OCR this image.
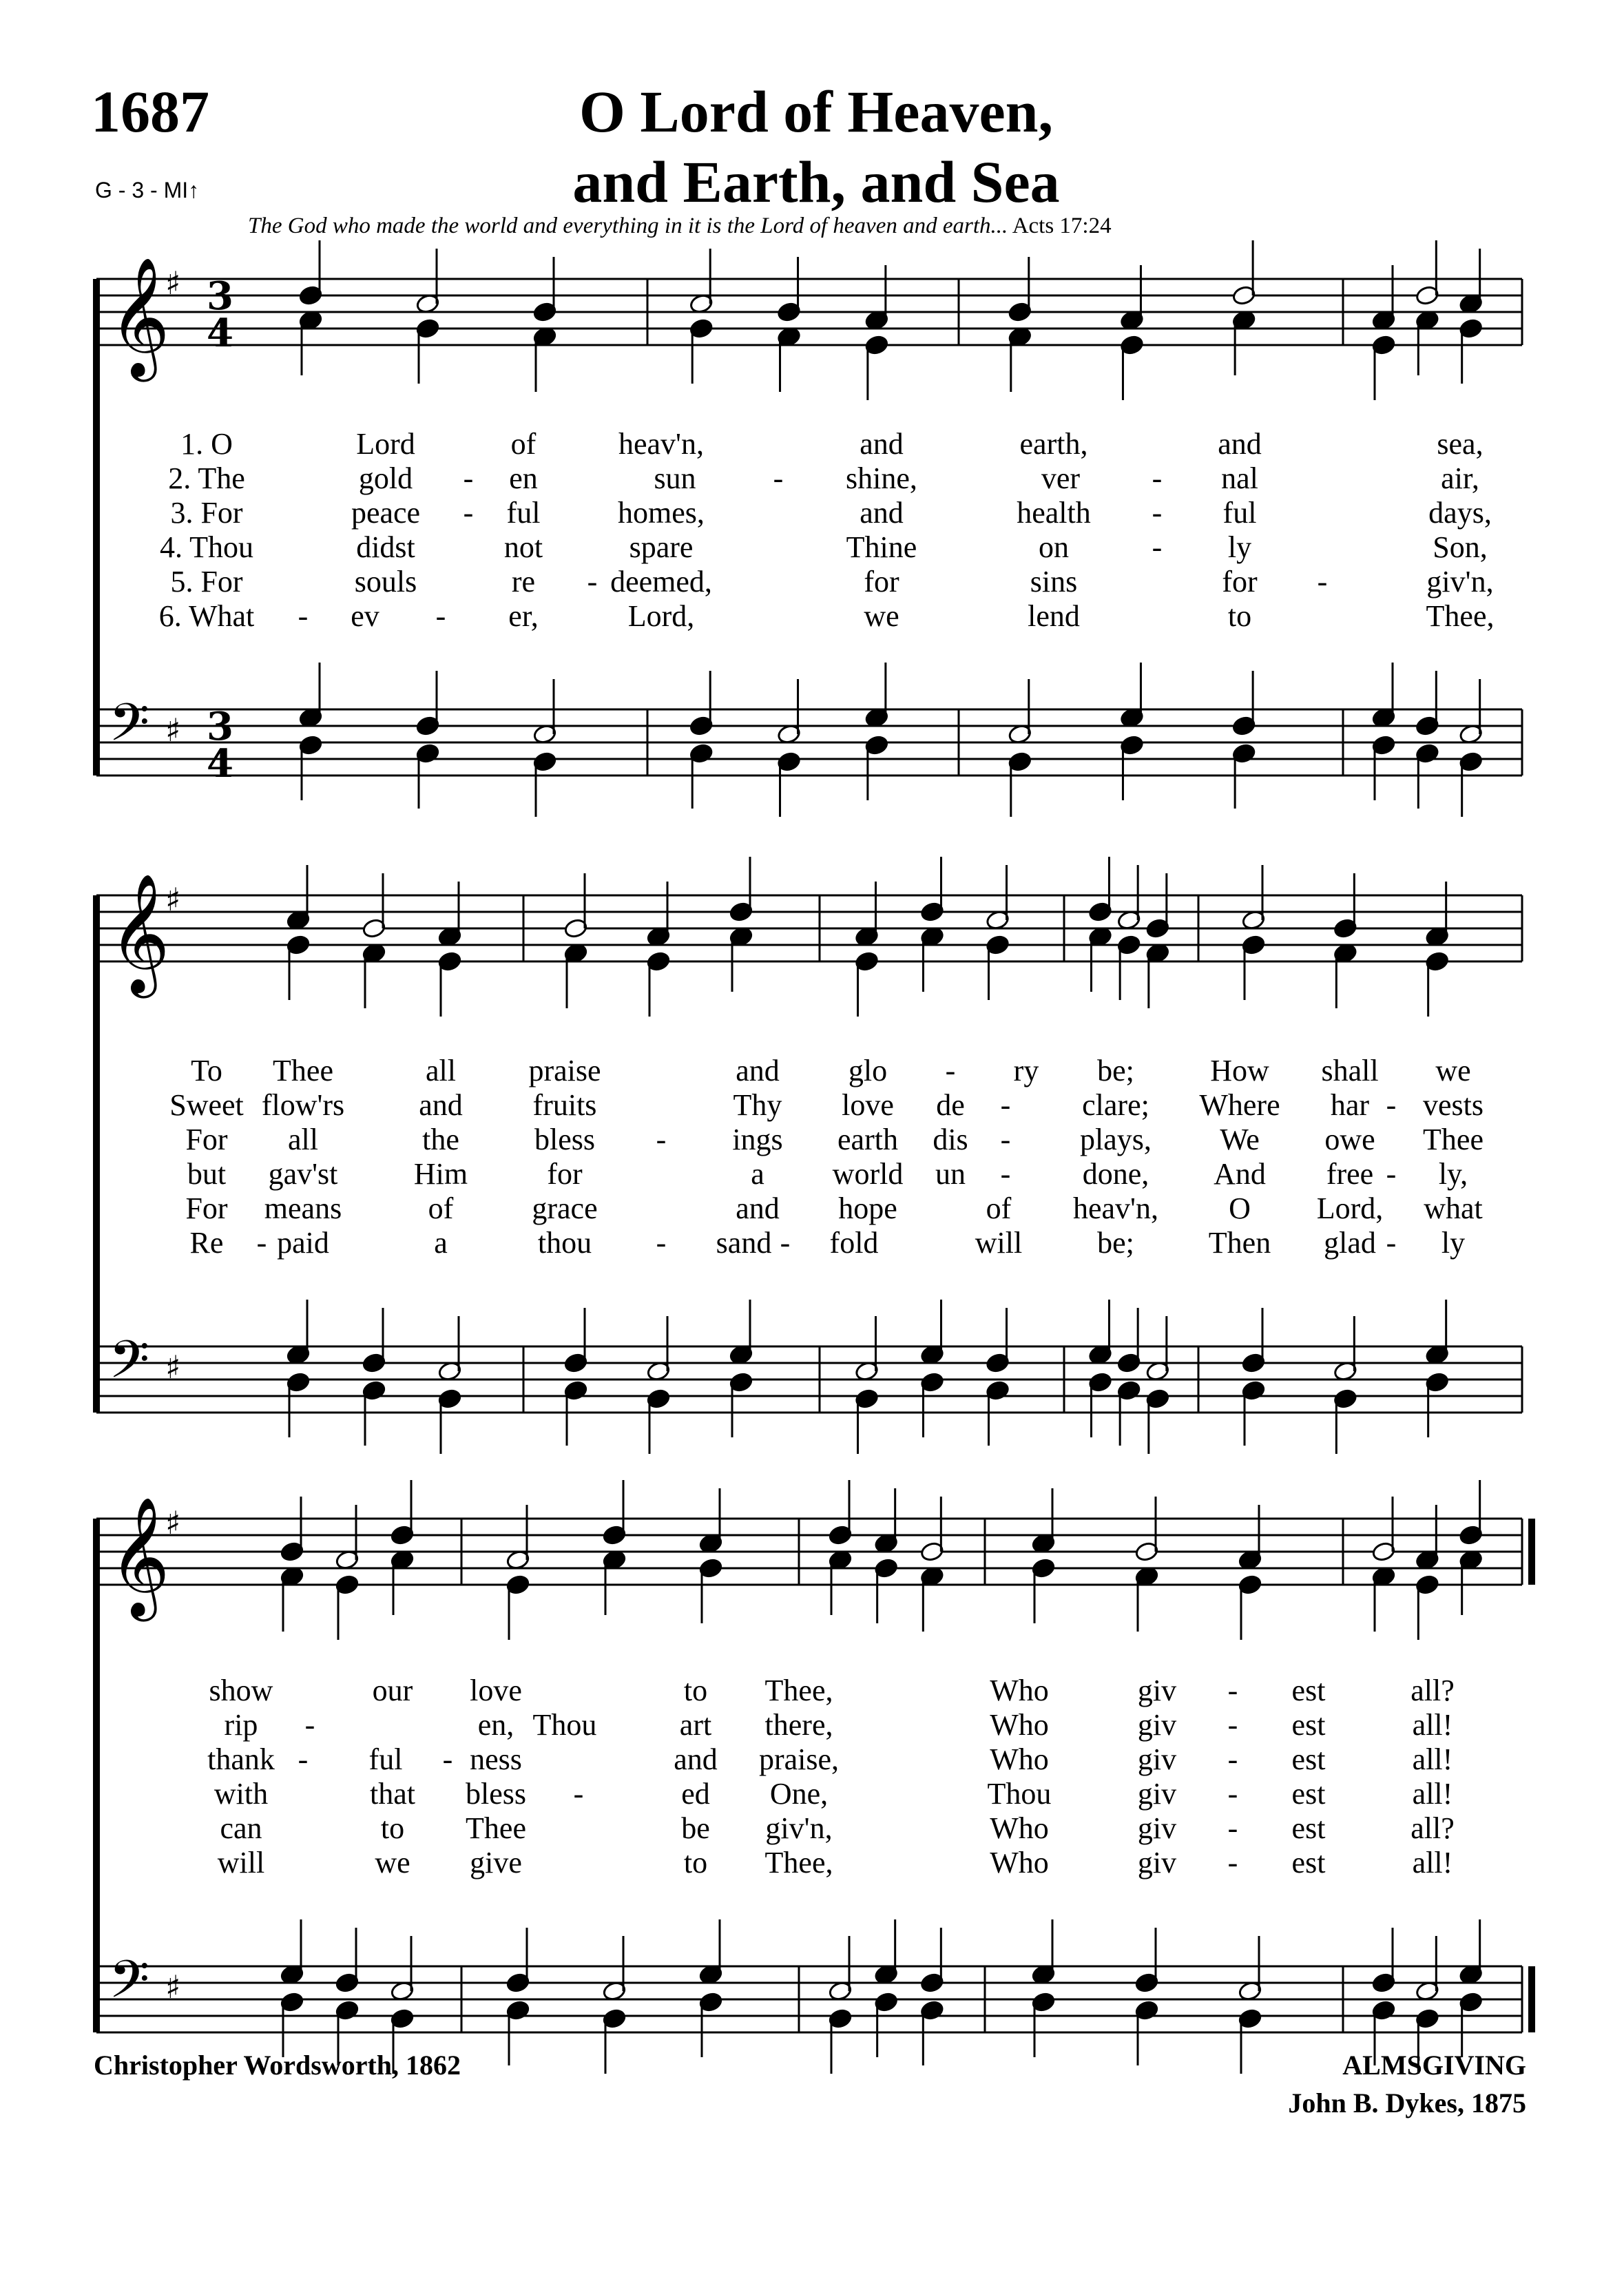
1687	O Lord of Heaven,
and Earth, and Sea
G - 3 - MI↑
The God who made the world and everything in it is the Lord of heaven and earth... Acts 17:24
𝄞
♯ 3
4
𝄢 ♯ 3
4
𝄞
♯
𝄢 ♯
𝄞
♯
𝄢 ♯
1. O	Lord	of	heav'n,	and	earth,	and	sea,
2. The	gold - en	sun	- shine,	ver - nal	air,
3. For	peace - ful	homes,	and	health - ful	days,
4. Thou	didst	not	spare	Thine	on	- ly	Son,
5. For	souls	re - deemed,	for	sins	for -	giv'n,
6. What - ev - er,	Lord,	we	lend	to	Thee,
To Thee	all praise	and glo - ry be;	How shall we
Sweet flow'rs and fruits	Thy love de - clare; Where har - vests
For all	the bless - ings earth dis - plays, We owe Thee
but gav'st	Him	for	a world un - done, And free - ly,
For means	of	grace	and hope	of heav'n, O Lord, what
Re - paid	a	thou - sand - fold	will be; Then glad - ly
show	our love	to Thee,	Who	giv - est	all?
rip -	en, Thou	art there,	Who	giv - est	all!
thank - ful - ness	and praise,	Who	giv - est	all!
with	that bless -	ed One,	Thou	giv - est	all!
can	to Thee	be giv'n,	Who	giv - est	all?
will	we give	to Thee,	Who	giv - est	all!
Christopher Wordsworth, 1862	ALMSGIVING
John B. Dykes, 1875
